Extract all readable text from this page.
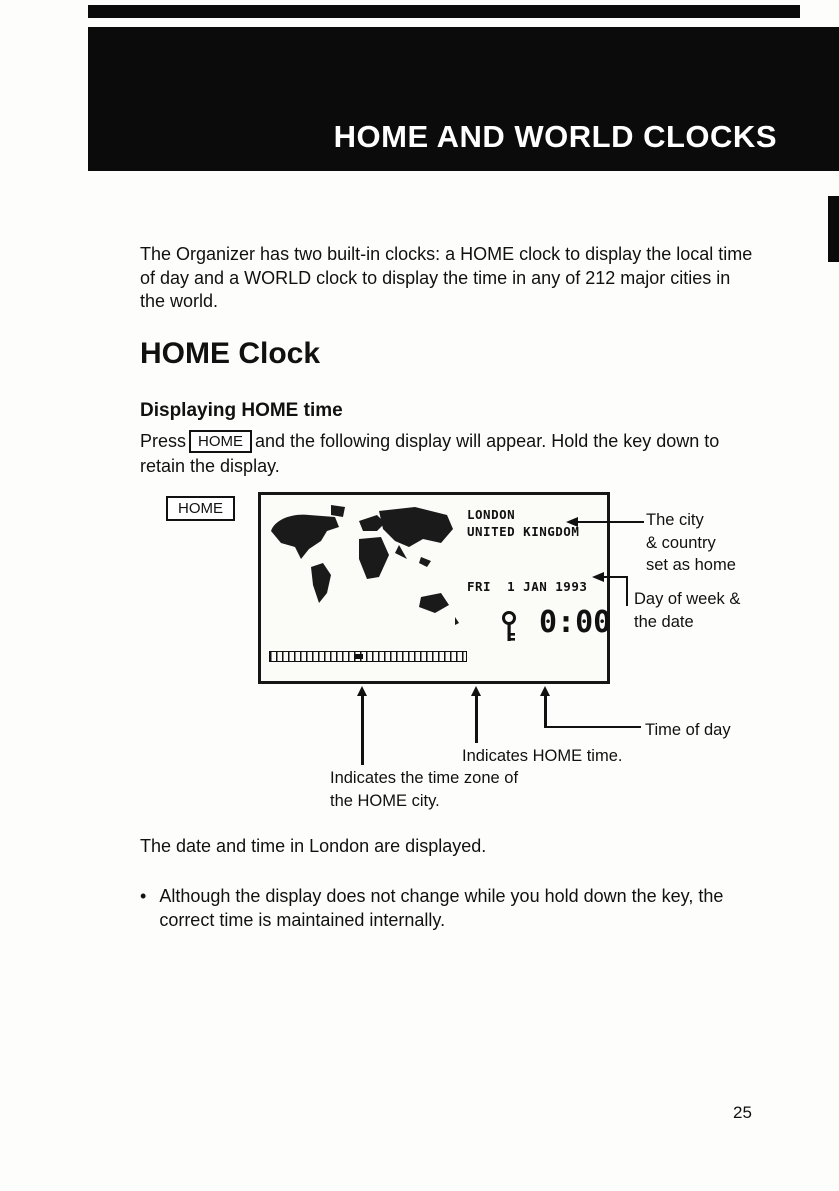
HOME AND WORLD CLOCKS

The Organizer has two built-in clocks: a HOME clock to display the local time of day and a WORLD clock to display the time in any of 212 major cities in the world.

HOME Clock
Displaying HOME time

Press HOME and the following display will appear. Hold the key down to retain the display.

HOME	LONDON
UNITED KINGDOM
FRI  1 JAN 1993
0:00
The city
& country
set as home
Day of week &
the date
Indicates the time zone of
the HOME city.
Indicates HOME time.
Time of day

The date and time in London are displayed.

• Although the display does not change while you hold down the key, the correct time is maintained internally.
25
